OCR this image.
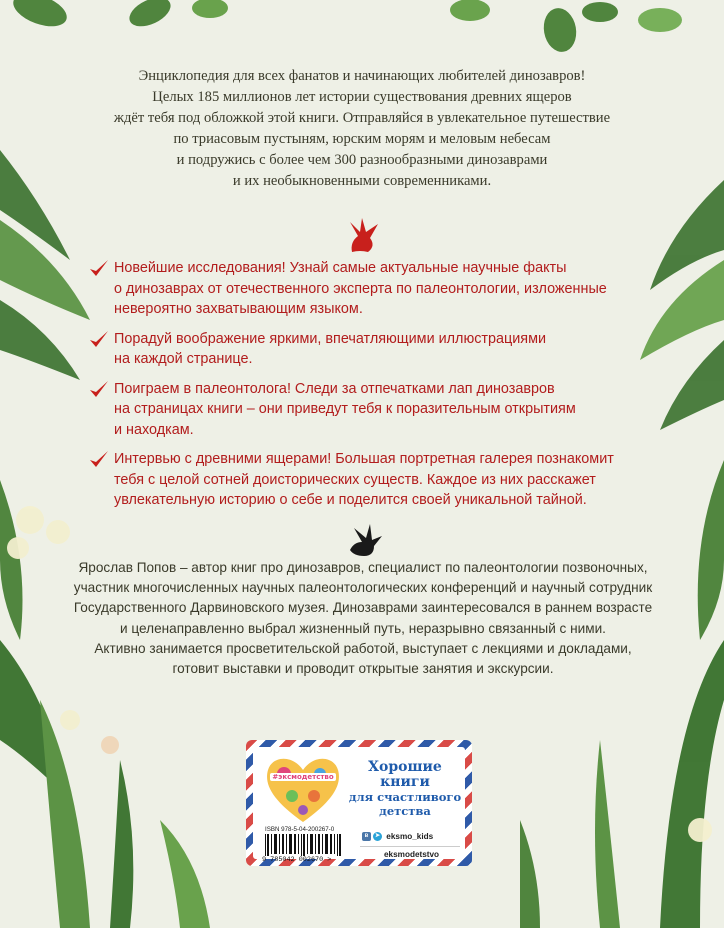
Энциклопедия для всех фанатов и начинающих любителей динозавров!

Целых 185 миллионов лет истории существования древних ящеров

ждёт тебя под обложкой этой книги. Отправляйся в увлекательное путешествие

по триасовым пустыням, юрским морям и меловым небесам

и подружись с более чем 300 разнообразными динозаврами

и их необыкновенными современниками.

Новейшие исследования! Узнай самые актуальные научные факты
о динозаврах от отечественного эксперта по палеонтологии, изложенные
невероятно захватывающим языком.
Порадуй воображение яркими, впечатляющими иллюстрациями
на каждой странице.
Поиграем в палеонтолога! Следи за отпечатками лап динозавров
на страницах книги – они приведут тебя к поразительным открытиям
и находкам.
Интервью с древними ящерами! Большая портретная галерея познакомит
тебя с целой сотней доисторических существ. Каждое из них расскажет
увлекательную историю о себе и поделится своей уникальной тайной.

Ярослав Попов – автор книг про динозавров, специалист по палеонтологии позвоночных,

участник многочисленных научных палеонтологических конференций и научный сотрудник

Государственного Дарвиновского музея. Динозаврами заинтересовался в раннем возрасте

и целенаправленно выбрал жизненный путь, неразрывно связанный с ними.

Активно занимается просветительской работой, выступает с лекциями и докладами,

готовит выставки и проводит открытые занятия и экскурсии.

#эксмодетство
Хорошие
книги
для счастливого
детства
ISBN 978-5-04-200267-0
9 785042 002670 >
в ➤ eksmo_kids
eksmodetstvo
